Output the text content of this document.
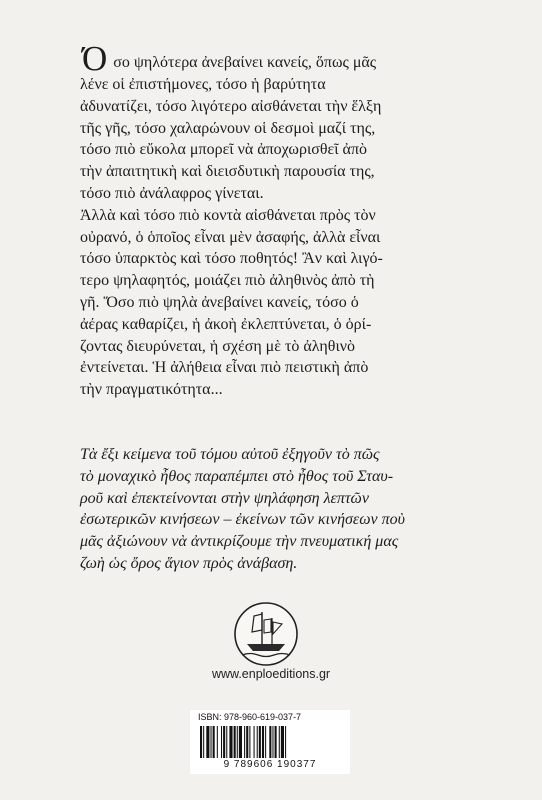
Ό σο ψηλότερα ἀνεβαίνει κανείς, ὅπως μᾶς

λένε οἱ ἐπιστήμονες, τόσο ἡ βαρύτητα

ἀδυνατίζει, τόσο λιγότερο αἰσθάνεται τὴν ἕλξη

τῆς γῆς, τόσο χαλαρώνουν οἱ δεσμοὶ μαζί της,

τόσο πιὸ εὔκολα μπορεῖ νὰ ἀποχωρισθεῖ ἀπὸ

τὴν ἀπαιτητικὴ καὶ διεισδυτικὴ παρουσία της,

τόσο πιὸ ἀνάλαφρος γίνεται.

Ἀλλὰ καὶ τόσο πιὸ κοντὰ αἰσθάνεται πρὸς τὸν

οὐρανό, ὁ ὁποῖος εἶναι μὲν ἀσαφής, ἀλλὰ εἶναι

τόσο ὑπαρκτὸς καὶ τόσο ποθητός! Ἂν καὶ λιγό-

τερο ψηλαφητός, μοιάζει πιὸ ἀληθινὸς ἀπὸ τὴ

γῆ. Ὅσο πιὸ ψηλὰ ἀνεβαίνει κανείς, τόσο ὁ

ἀέρας καθαρίζει, ἡ ἀκοὴ ἐκλεπτύνεται, ὁ ὁρί-

ζοντας διευρύνεται, ἡ σχέση μὲ τὸ ἀληθινὸ

ἐντείνεται. Ἡ ἀλήθεια εἶναι πιὸ πειστικὴ ἀπὸ

τὴν πραγματικότητα...

Τὰ ἔξι κείμενα τοῦ τόμου αὐτοῦ ἐξηγοῦν τὸ πῶς

τὸ μοναχικὸ ἦθος παραπέμπει στὸ ἦθος τοῦ Σταυ-

ροῦ καὶ ἐπεκτείνονται στὴν ψηλάφηση λεπτῶν

ἐσωτερικῶν κινήσεων – ἐκείνων τῶν κινήσεων ποὺ

μᾶς ἀξιώνουν νὰ ἀντικρίζουμε τὴν πνευματική μας

ζωὴ ὡς ὄρος ἅγιον πρὸς ἀνάβαση.

www.enploeditions.gr
ISBN: 978-960-619-037-7
9 789606 190377
